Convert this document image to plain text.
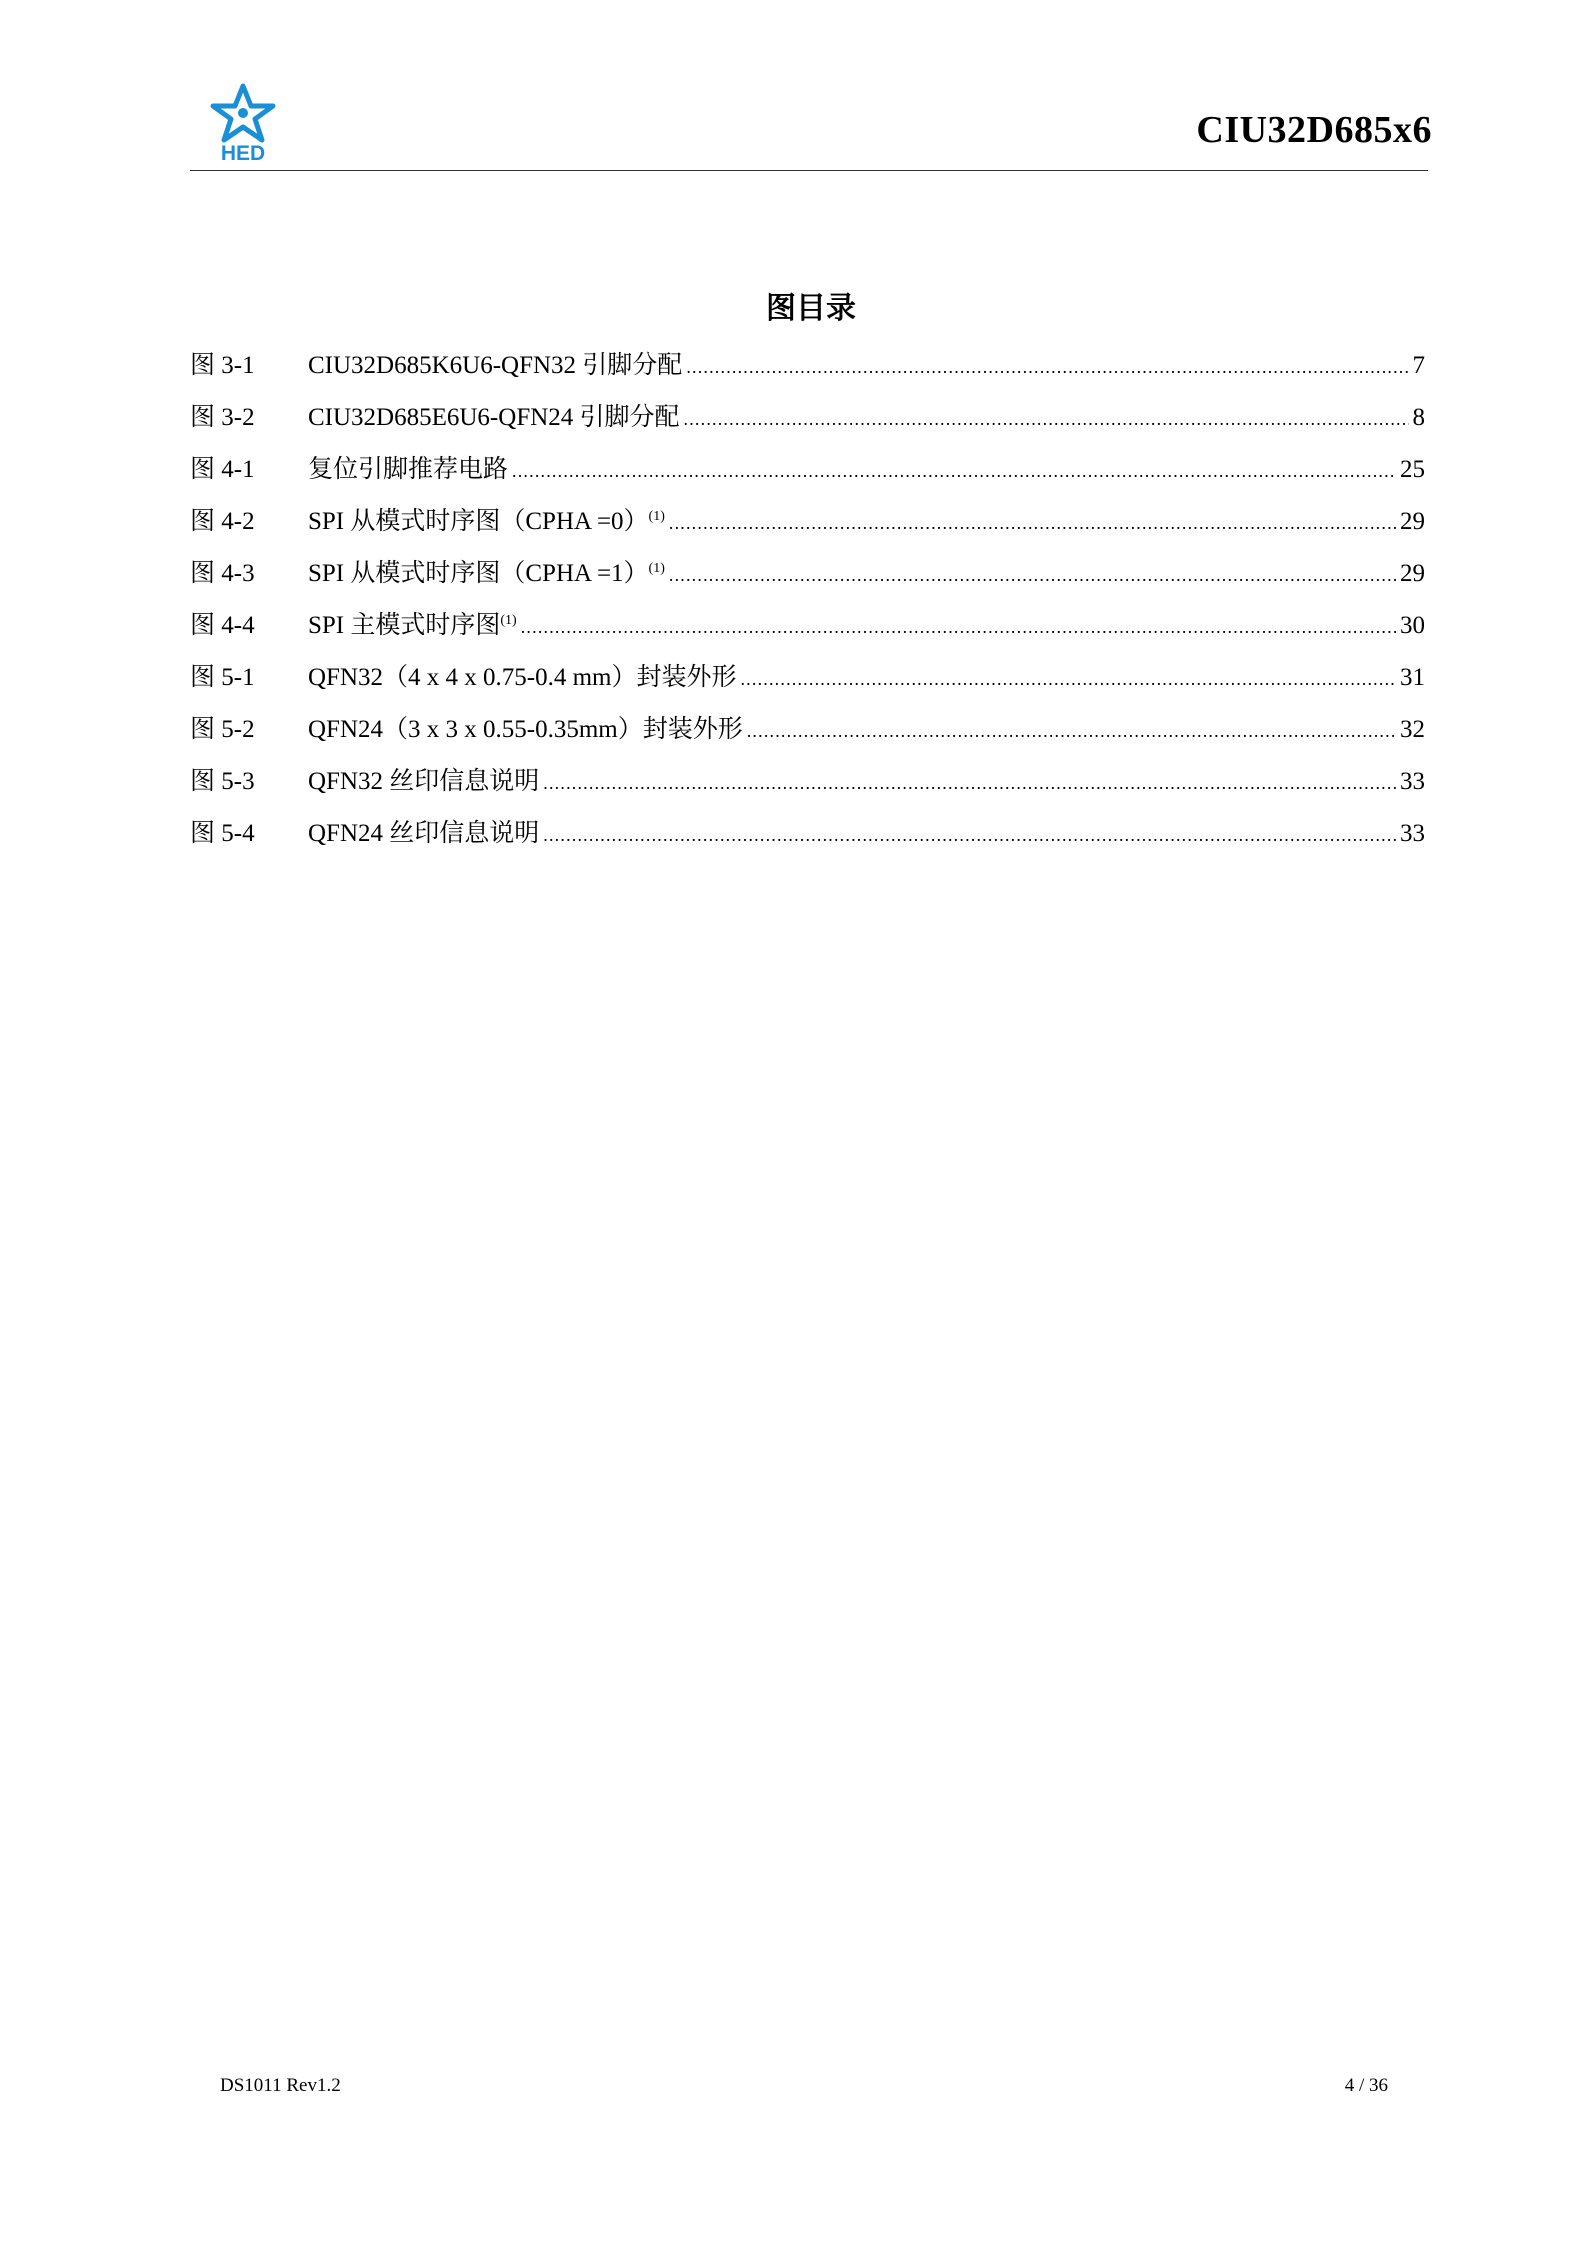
HED
CIU32D685x6
图目录
图 3-1	CIU32D685K6U6-QFN32 引脚分配 .....	7
图 3-2	CIU32D685E6U6-QFN24 引脚分配 .....	8
图 4-1	复位引脚推荐电路 .....	25
图 4-2	SPI 从模式时序图（CPHA =0）$^{(1)}$ .....	29
图 4-3	SPI 从模式时序图（CPHA =1）$^{(1)}$ .....	29
图 4-4	SPI 主模式时序图$^{(1)}$ .....	30
图 5-1	QFN32（4 x 4 x 0.75-0.4 mm）封装外形 .....	31
图 5-2	QFN24（3 x 3 x 0.55-0.35mm）封装外形 .....	32
图 5-3	QFN32 丝印信息说明 .....	33
图 5-4	QFN24 丝印信息说明 .....	33
DS1011 Rev1.2	4 / 36
